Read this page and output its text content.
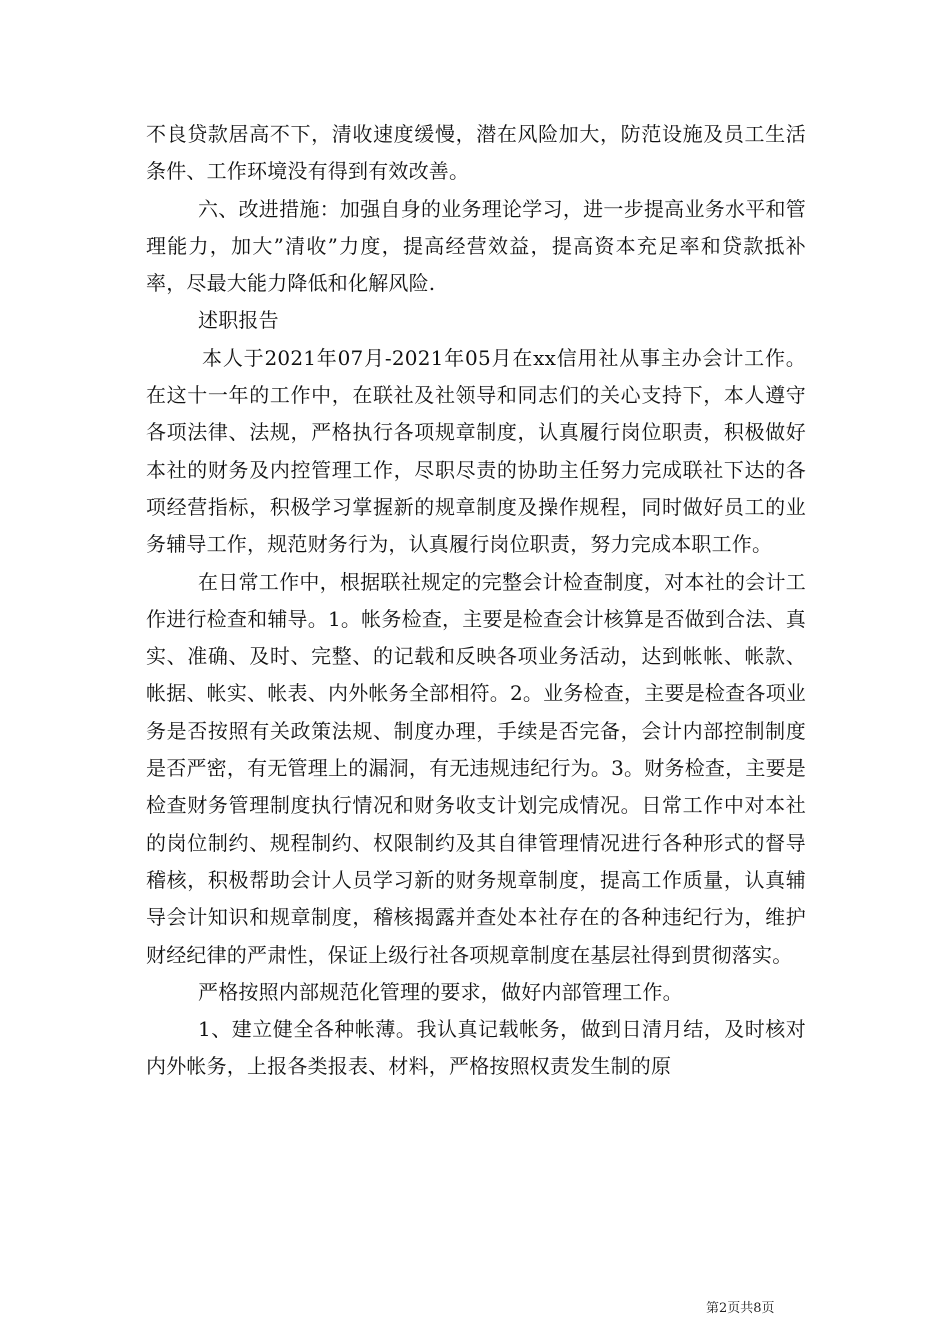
不良贷款居高不下，清收速度缓慢，潜在风险加大，防范设施及员工生活条件、工作环境没有得到有效改善。

六、改进措施：加强自身的业务理论学习，进一步提高业务水平和管理能力，加大”清收”力度，提高经营效益，提高资本充足率和贷款抵补率，尽最大能力降低和化解风险.

述职报告

本人于2021年07月-2021年05月在xx信用社从事主办会计工作。在这十一年的工作中，在联社及社领导和同志们的关心支持下，本人遵守各项法律、法规，严格执行各项规章制度，认真履行岗位职责，积极做好本社的财务及内控管理工作，尽职尽责的协助主任努力完成联社下达的各项经营指标，积极学习掌握新的规章制度及操作规程，同时做好员工的业务辅导工作，规范财务行为，认真履行岗位职责，努力完成本职工作。

在日常工作中，根据联社规定的完整会计检查制度，对本社的会计工作进行检查和辅导。1。帐务检查，主要是检查会计核算是否做到合法、真实、准确、及时、完整、的记载和反映各项业务活动，达到帐帐、帐款、帐据、帐实、帐表、内外帐务全部相符。2。业务检查，主要是检查各项业务是否按照有关政策法规、制度办理，手续是否完备，会计内部控制制度是否严密，有无管理上的漏洞，有无违规违纪行为。3。财务检查，主要是检查财务管理制度执行情况和财务收支计划完成情况。日常工作中对本社的岗位制约、规程制约、权限制约及其自律管理情况进行各种形式的督导稽核，积极帮助会计人员学习新的财务规章制度，提高工作质量，认真辅导会计知识和规章制度，稽核揭露并查处本社存在的各种违纪行为，维护财经纪律的严肃性，保证上级行社各项规章制度在基层社得到贯彻落实。

严格按照内部规范化管理的要求，做好内部管理工作。

1、建立健全各种帐薄。我认真记载帐务，做到日清月结，及时核对内外帐务，上报各类报表、材料，严格按照权责发生制的原

第2页共8页
